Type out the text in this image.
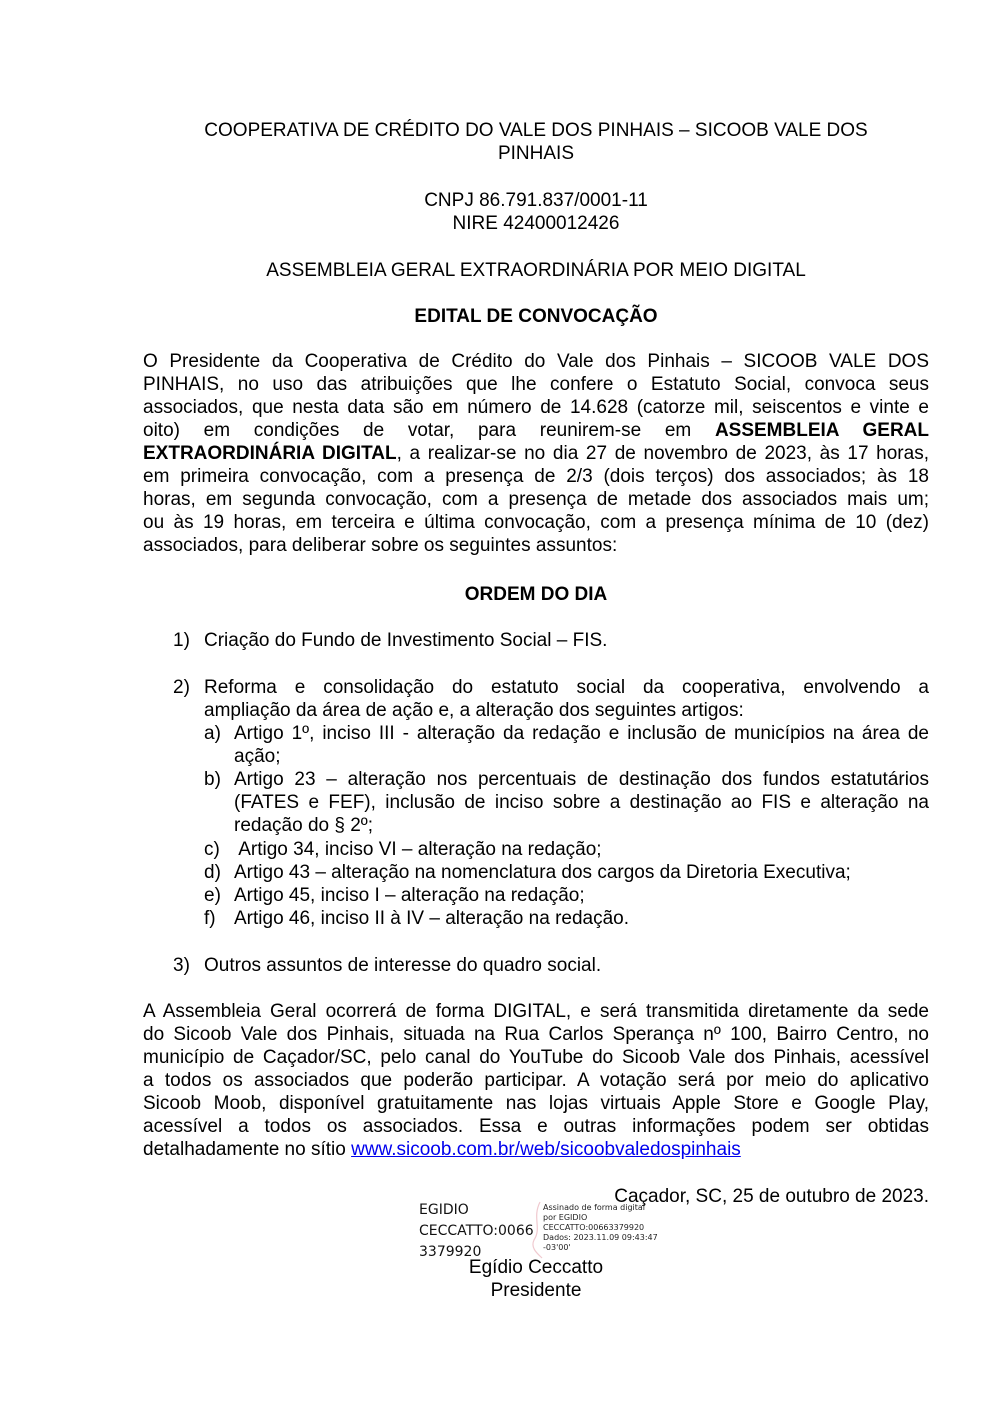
COOPERATIVA DE CRÉDITO DO VALE DOS PINHAIS – SICOOB VALE DOS
PINHAIS
CNPJ 86.791.837/0001-11
NIRE 42400012426
ASSEMBLEIA GERAL EXTRAORDINÁRIA POR MEIO DIGITAL
EDITAL DE CONVOCAÇÃO
O Presidente da Cooperativa de Crédito do Vale dos Pinhais – SICOOB VALE DOS
PINHAIS, no uso das atribuições que lhe confere o Estatuto Social, convoca seus
associados, que nesta data são em número de 14.628 (catorze mil, seiscentos e vinte e
oito) em condições de votar, para reunirem-se em ASSEMBLEIA GERAL
EXTRAORDINÁRIA DIGITAL, a realizar-se no dia 27 de novembro de 2023, às 17 horas,
em primeira convocação, com a presença de 2/3 (dois terços) dos associados; às 18
horas, em segunda convocação, com a presença de metade dos associados mais um;
ou às 19 horas, em terceira e última convocação, com a presença mínima de 10 (dez)
associados, para deliberar sobre os seguintes assuntos:
ORDEM DO DIA
1) Criação do Fundo de Investimento Social – FIS.
2) Reforma e consolidação do estatuto social da cooperativa, envolvendo a
ampliação da área de ação e, a alteração dos seguintes artigos:
a) Artigo 1º, inciso III - alteração da redação e inclusão de municípios na área de
ação;
b) Artigo 23 – alteração nos percentuais de destinação dos fundos estatutários
(FATES e FEF), inclusão de inciso sobre a destinação ao FIS e alteração na
redação do § 2º;
c) Artigo 34, inciso VI – alteração na redação;
d) Artigo 43 – alteração na nomenclatura dos cargos da Diretoria Executiva;
e) Artigo 45, inciso I – alteração na redação;
f) Artigo 46, inciso II à IV – alteração na redação.
3) Outros assuntos de interesse do quadro social.
A Assembleia Geral ocorrerá de forma DIGITAL, e será transmitida diretamente da sede
do Sicoob Vale dos Pinhais, situada na Rua Carlos Sperança nº 100, Bairro Centro, no
município de Caçador/SC, pelo canal do YouTube do Sicoob Vale dos Pinhais, acessível
a todos os associados que poderão participar. A votação será por meio do aplicativo
Sicoob Moob, disponível gratuitamente nas lojas virtuais Apple Store e Google Play,
acessível a todos os associados. Essa e outras informações podem ser obtidas
detalhadamente no sítio www.sicoob.com.br/web/sicoobvaledospinhais
Caçador, SC, 25 de outubro de 2023.
EGIDIO
CECCATTO:0066
3379920
Assinado de forma digital
por EGIDIO
CECCATTO:00663379920
Dados: 2023.11.09 09:43:47
-03'00'
Egídio Ceccatto
Presidente
